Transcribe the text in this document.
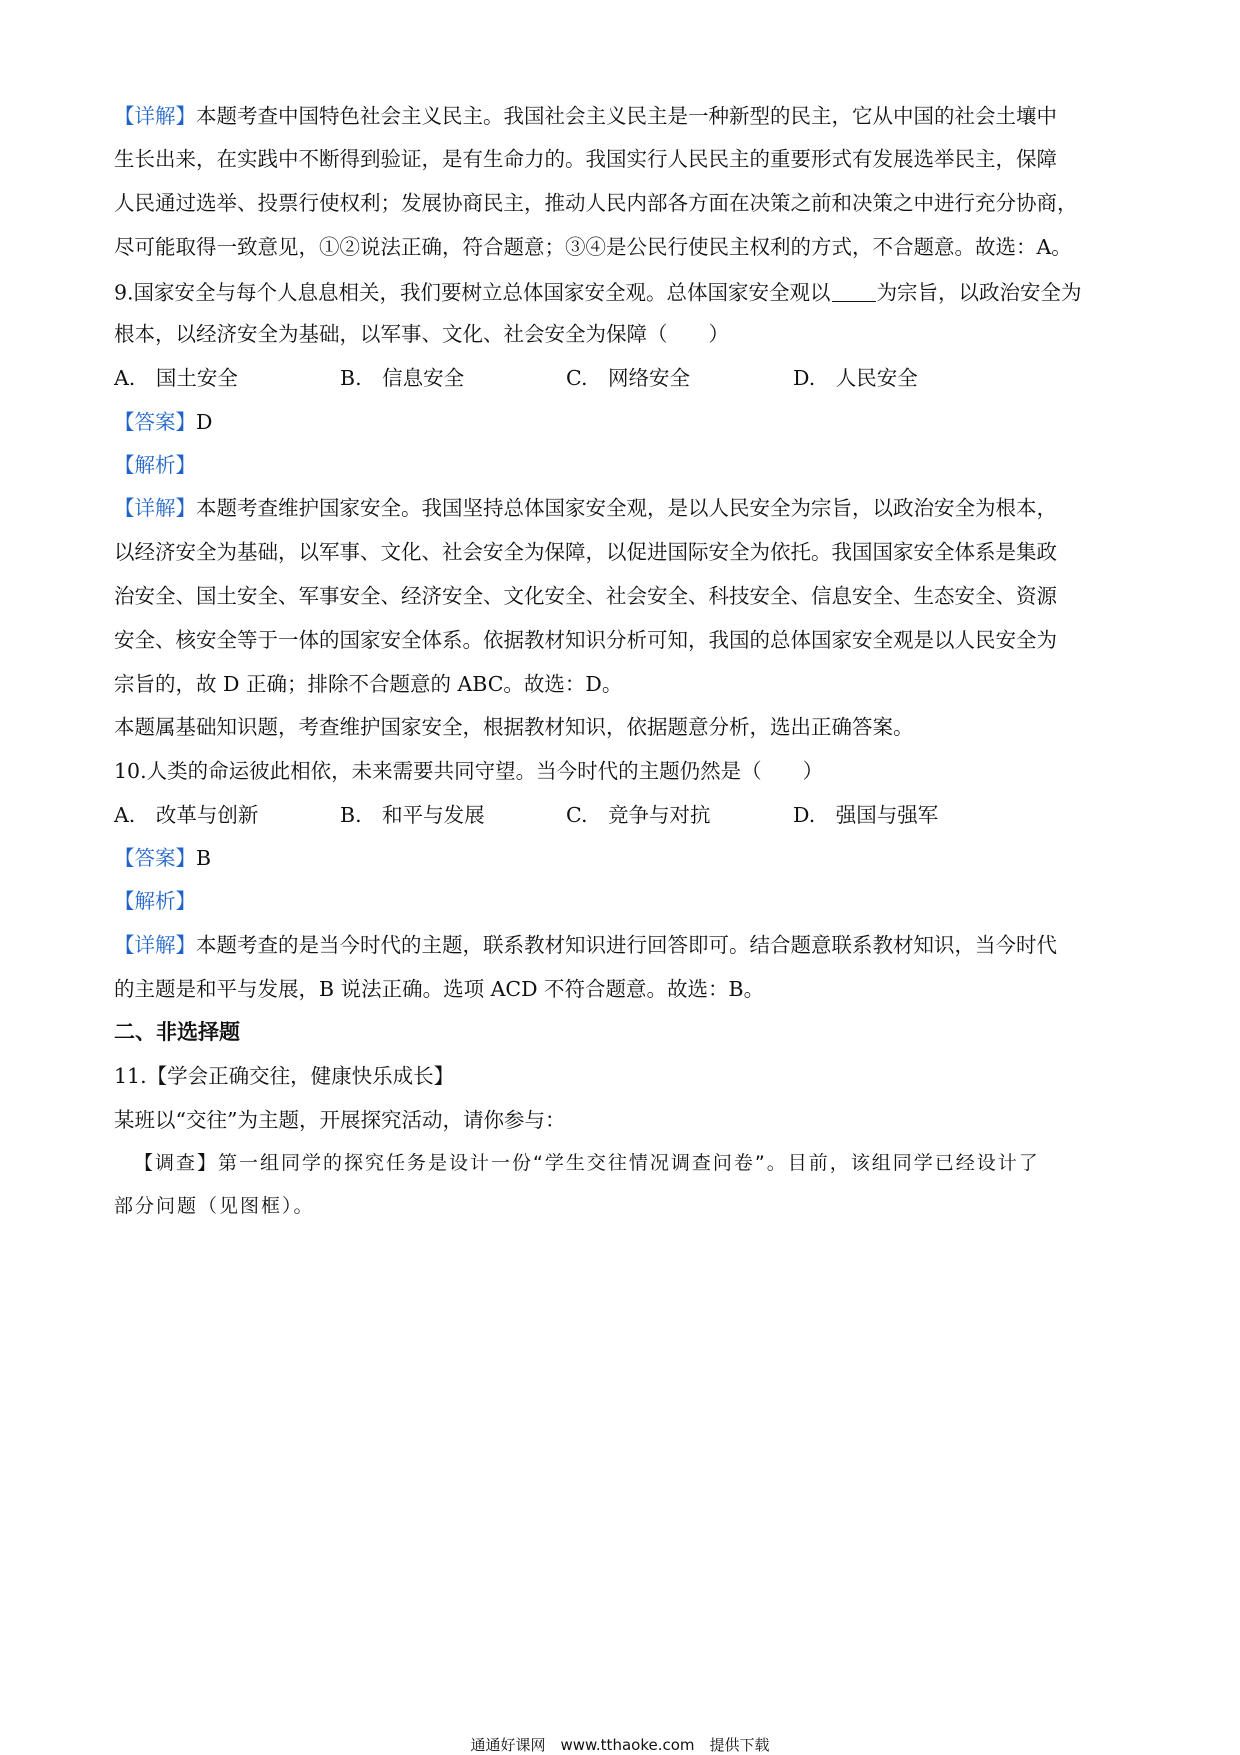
【详解】本题考查中国特色社会主义民主。我国社会主义民主是一种新型的民主，它从中国的社会土壤中
生长出来，在实践中不断得到验证，是有生命力的。我国实行人民民主的重要形式有发展选举民主，保障
人民通过选举、投票行使权利；发展协商民主，推动人民内部各方面在决策之前和决策之中进行充分协商，
尽可能取得一致意见，①②说法正确，符合题意；③④是公民行使民主权利的方式，不合题意。故选：A。
9.国家安全与每个人息息相关，我们要树立总体国家安全观。总体国家安全观以 为宗旨，以政治安全为
根本，以经济安全为基础，以军事、文化、社会安全为保障（　　）
A.　国土安全	B.　信息安全	C.　网络安全	D.　人民安全
【答案】D
【解析】
【详解】本题考查维护国家安全。我国坚持总体国家安全观，是以人民安全为宗旨，以政治安全为根本，
以经济安全为基础，以军事、文化、社会安全为保障，以促进国际安全为依托。我国国家安全体系是集政
治安全、国土安全、军事安全、经济安全、文化安全、社会安全、科技安全、信息安全、生态安全、资源
安全、核安全等于一体的国家安全体系。依据教材知识分析可知，我国的总体国家安全观是以人民安全为
宗旨的，故 D 正确；排除不合题意的 ABC。故选：D。
本题属基础知识题，考查维护国家安全，根据教材知识，依据题意分析，选出正确答案。
10.人类的命运彼此相依，未来需要共同守望。当今时代的主题仍然是（　　）
A.　改革与创新	B.　和平与发展	C.　竞争与对抗	D.　强国与强军
【答案】B
【解析】
【详解】本题考查的是当今时代的主题，联系教材知识进行回答即可。结合题意联系教材知识，当今时代
的主题是和平与发展，B 说法正确。选项 ACD 不符合题意。故选：B。
二、非选择题
11.【学会正确交往，健康快乐成长】
某班以“交往”为主题，开展探究活动，请你参与：
【调查】第一组同学的探究任务是设计一份“学生交往情况调查问卷”。目前，该组同学已经设计了
部分问题（见图框）。
通通好课网　www.tthaoke.com　提供下载
